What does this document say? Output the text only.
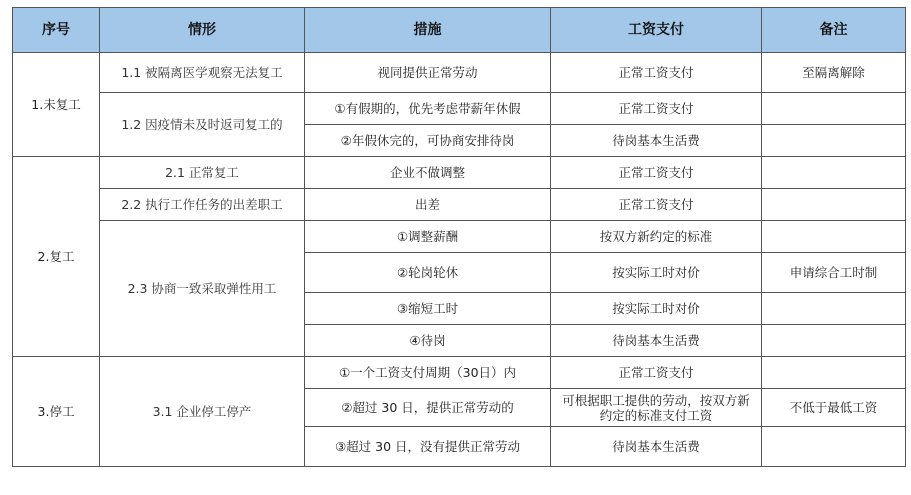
序号	情形	措施	工资支付	备注
1.未复工	1.1 被隔离医学观察无法复工	视同提供正常劳动	正常工资支付	至隔离解除
	1.2 因疫情未及时返司复工的	①有假期的，优先考虑带薪年休假	正常工资支付	
		②年假休完的，可协商安排待岗	待岗基本生活费	
2.复工	2.1 正常复工	企业不做调整	正常工资支付	
	2.2 执行工作任务的出差职工	出差	正常工资支付	
	2.3 协商一致采取弹性用工	①调整薪酬	按双方新约定的标准	
		②轮岗轮休	按实际工时对价	申请综合工时制
		③缩短工时	按实际工时对价	
		④待岗	待岗基本生活费	
3.停工	3.1 企业停工停产	①一个工资支付周期（30日）内	正常工资支付	
		②超过 30 日，提供正常劳动的	可根据职工提供的劳动，按双方新约定的标准支付工资	不低于最低工资
		③超过 30 日，没有提供正常劳动	待岗基本生活费	
